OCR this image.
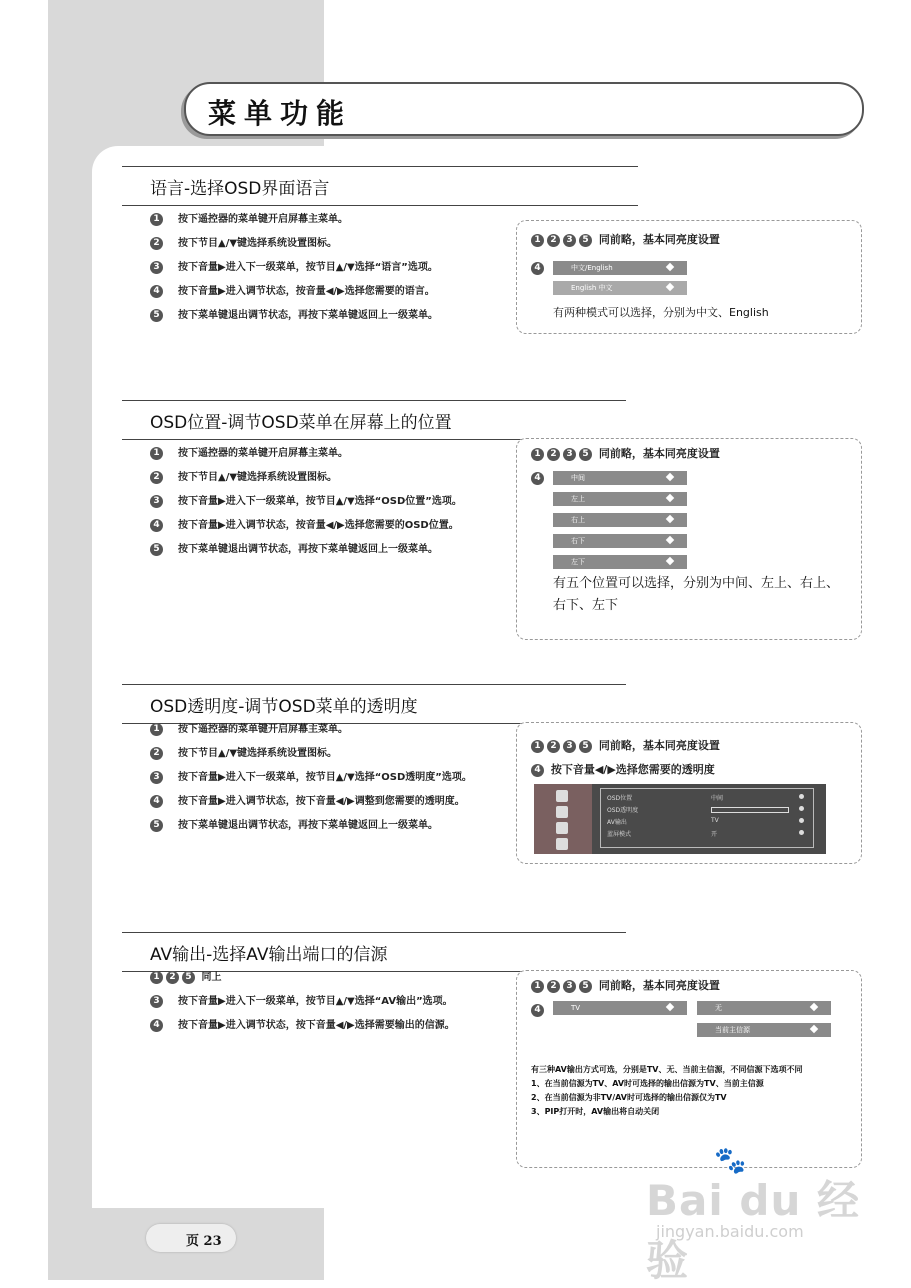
菜单功能
语言-选择OSD界面语言
1	按下遥控器的菜单键开启屏幕主菜单。
2	按下节目▲/▼键选择系统设置图标。
3	按下音量▶进入下一级菜单，按节目▲/▼选择“语言”选项。
4	按下音量▶进入调节状态，按音量◀/▶选择您需要的语言。
5	按下菜单键退出调节状态，再按下菜单键返回上一级菜单。
1 2 3 5 同前略，基本同亮度设置
4	中文/English
English 中文
有两种模式可以选择，分别为中文、English
OSD位置-调节OSD菜单在屏幕上的位置
1	按下遥控器的菜单键开启屏幕主菜单。
2	按下节目▲/▼键选择系统设置图标。
3	按下音量▶进入下一级菜单，按节目▲/▼选择“OSD位置”选项。
4	按下音量▶进入调节状态，按音量◀/▶选择您需要的OSD位置。
5	按下菜单键退出调节状态，再按下菜单键返回上一级菜单。
1 2 3 5 同前略，基本同亮度设置
4	中间
左上
右上
右下
左下
有五个位置可以选择，分别为中间、左上、右上、右下、左下
OSD透明度-调节OSD菜单的透明度
1	按下遥控器的菜单键开启屏幕主菜单。
2	按下节目▲/▼键选择系统设置图标。
3	按下音量▶进入下一级菜单，按节目▲/▼选择“OSD透明度”选项。
4	按下音量▶进入调节状态，按下音量◀/▶调整到您需要的透明度。
5	按下菜单键退出调节状态，再按下菜单键返回上一级菜单。
1 2 3 5 同前略，基本同亮度设置
4 按下音量◀/▶选择您需要的透明度
OSD位置	中间
OSD透明度
AV输出	TV
蓝屏模式	开
AV输出-选择AV输出端口的信源
1 2 5 同上
3	按下音量▶进入下一级菜单，按节目▲/▼选择“AV输出”选项。
4	按下音量▶进入调节状态，按下音量◀/▶选择需要输出的信源。
1 2 3 5 同前略，基本同亮度设置
4	TV	无
当前主信源
有三种AV输出方式可选，分别是TV、无、当前主信源，不同信源下选项不同
1、在当前信源为TV、AV时可选择的输出信源为TV、当前主信源
2、在当前信源为非TV/AV时可选择的输出信源仅为TV
3、PIP打开时，AV输出将自动关闭
页 23
🐾
Bai du 经验
jingyan.baidu.com
